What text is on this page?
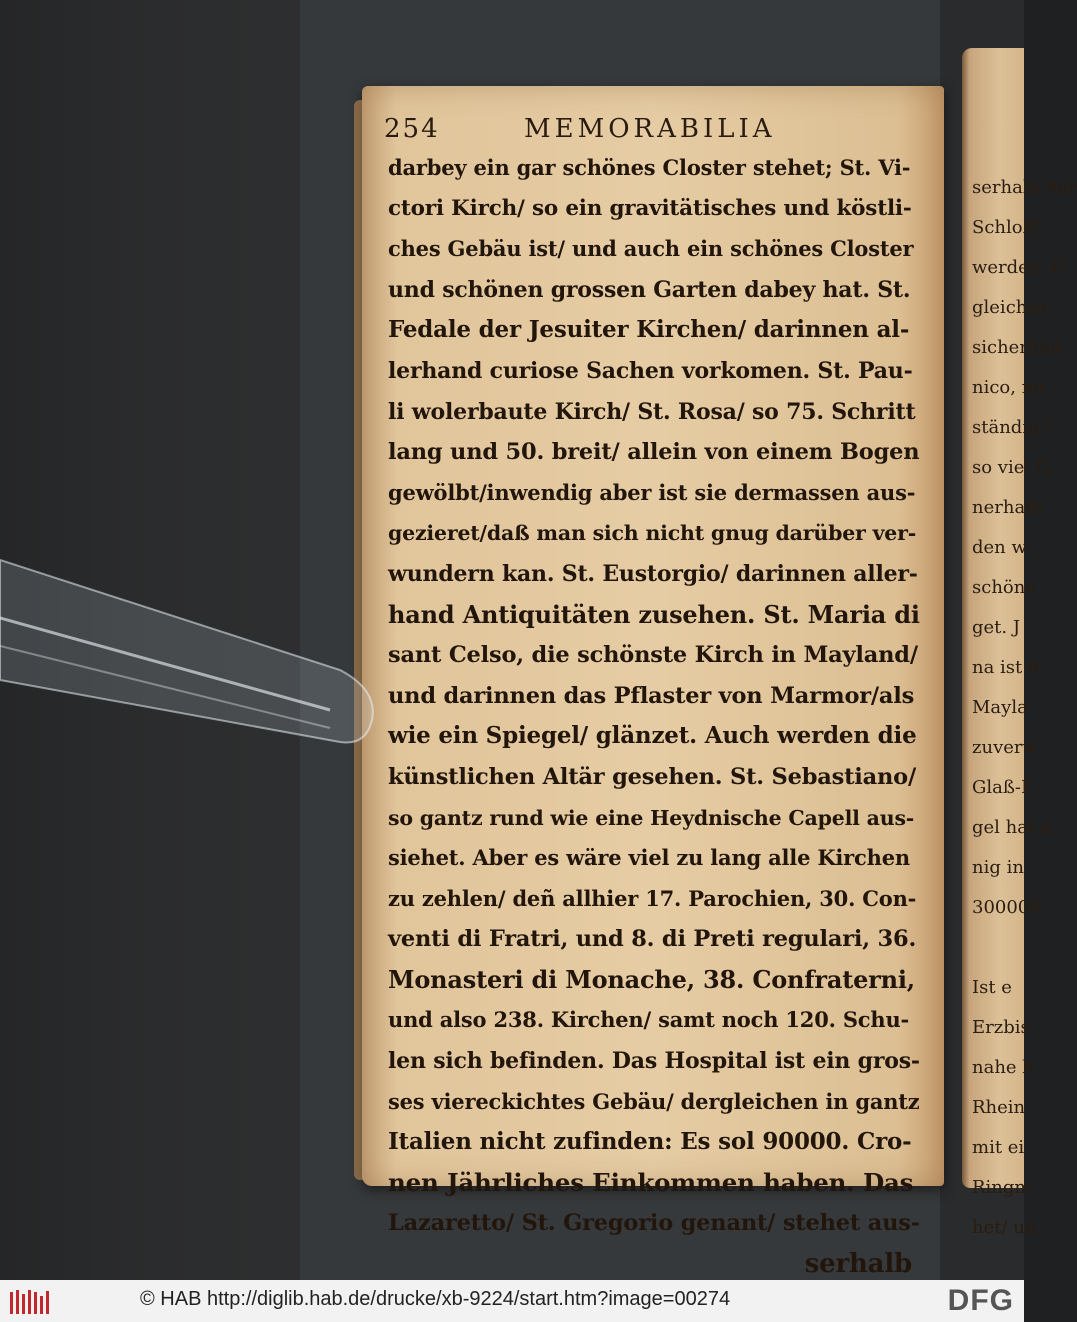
serhalb der
Schloß/
werden. C
gleichsa
sicherheit
nico, mi
ständig l
so viel G
nerhalb
den w
schöne
get. J
na ist d
Mayla
zuverw
Glaß-F
gel hat a
nig in
300000
Ist e
Erzbis
nahe b
Rhein
mit ei
Ringm
het/ un
254	MEMORABILIA
darbey ein gar schönes Closter stehet; St. Vi-
ctori Kirch/ so ein gravitätisches und köstli-
ches Gebäu ist/ und auch ein schönes Closter
und schönen grossen Garten dabey hat. St.
Fedale der Jesuiter Kirchen/ darinnen al-
lerhand curiose Sachen vorkomen. St. Pau-
li wolerbaute Kirch/ St. Rosa/ so 75. Schritt
lang und 50. breit/ allein von einem Bogen
gewölbt/inwendig aber ist sie dermassen aus-
gezieret/daß man sich nicht gnug darüber ver-
wundern kan. St. Eustorgio/ darinnen aller-
hand Antiquitäten zusehen. St. Maria di
sant Celso, die schönste Kirch in Mayland/
und darinnen das Pflaster von Marmor/als
wie ein Spiegel/ glänzet. Auch werden die
künstlichen Altär gesehen. St. Sebastiano/
so gantz rund wie eine Heydnische Capell aus-
siehet. Aber es wäre viel zu lang alle Kirchen
zu zehlen/ deñ allhier 17. Parochien, 30. Con-
venti di Fratri, und 8. di Preti regulari, 36.
Monasteri di Monache, 38. Confraterni,
und also 238. Kirchen/ samt noch 120. Schu-
len sich befinden. Das Hospital ist ein gros-
ses viereckichtes Gebäu/ dergleichen in gantz
Italien nicht zufinden: Es sol 90000. Cro-
nen Jährliches Einkommen haben. Das
Lazaretto/ St. Gregorio genant/ stehet aus-
serhalb
© HAB http://diglib.hab.de/drucke/xb-9224/start.htm?image=00274	DFG
